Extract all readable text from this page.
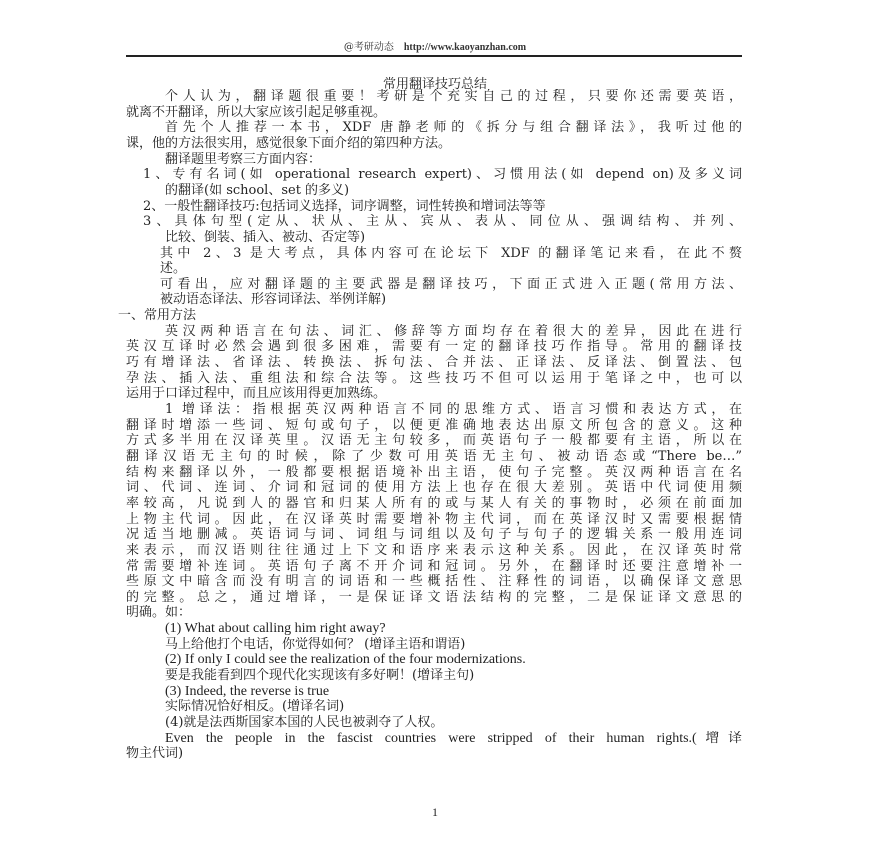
@考研动态 http://www.kaoyanzhan.com
常用翻译技巧总结
个人认为，翻译题很重要！考研是个充实自己的过程，只要你还需要英语，
就离不开翻译，所以大家应该引起足够重视。
首先个人推荐一本书，XDF 唐静老师的《拆分与组合翻译法》，我听过他的
课，他的方法很实用，感觉很象下面介绍的第四种方法。
翻译题里考察三方面内容：
1、专有名词(如 operational research expert)、习惯用法(如 depend on)及多义词
的翻译(如 school、set 的多义)
2、一般性翻译技巧:包括词义选择，词序调整，词性转换和增词法等等
3、具体句型(定从、状从、主从、宾从、表从、同位从、强调结构、并列、
比较、倒装、插入、被动、否定等)
其中 2、3 是大考点，具体内容可在论坛下 XDF 的翻译笔记来看，在此不赘
述。
可看出，应对翻译题的主要武器是翻译技巧，下面正式进入正题(常用方法、
被动语态译法、形容词译法、举例详解)
一、常用方法
英汉两种语言在句法、词汇、修辞等方面均存在着很大的差异，因此在进行
英汉互译时必然会遇到很多困难，需要有一定的翻译技巧作指导。常用的翻译技
巧有增译法、省译法、转换法、拆句法、合并法、正译法、反译法、倒置法、包
孕法、插入法、重组法和综合法等。这些技巧不但可以运用于笔译之中，也可以
运用于口译过程中，而且应该用得更加熟练。
1 增译法：指根据英汉两种语言不同的思维方式、语言习惯和表达方式，在
翻译时增添一些词、短句或句子，以便更准确地表达出原文所包含的意义。这种
方式多半用在汉译英里。汉语无主句较多，而英语句子一般都要有主语，所以在
翻译汉语无主句的时候，除了少数可用英语无主句、被动语态或“There be…”
结构来翻译以外，一般都要根据语境补出主语，使句子完整。英汉两种语言在名
词、代词、连词、介词和冠词的使用方法上也存在很大差别。英语中代词使用频
率较高，凡说到人的器官和归某人所有的或与某人有关的事物时，必须在前面加
上物主代词。因此，在汉译英时需要增补物主代词，而在英译汉时又需要根据情
况适当地删减。英语词与词、词组与词组以及句子与句子的逻辑关系一般用连词
来表示，而汉语则往往通过上下文和语序来表示这种关系。因此，在汉译英时常
常需要增补连词。英语句子离不开介词和冠词。另外，在翻译时还要注意增补一
些原文中暗含而没有明言的词语和一些概括性、注释性的词语，以确保译文意思
的完整。总之，通过增译，一是保证译文语法结构的完整，二是保证译文意思的
明确。如：
(1) What about calling him right away?
马上给他打个电话，你觉得如何？ (增译主语和谓语)
(2) If only I could see the realization of the four modernizations.
要是我能看到四个现代化实现该有多好啊！(增译主句)
(3) Indeed, the reverse is true
实际情况恰好相反。(增译名词)
(4)就是法西斯国家本国的人民也被剥夺了人权。
Even the people in the fascist countries were stripped of their human rights.(增译
物主代词)
1
